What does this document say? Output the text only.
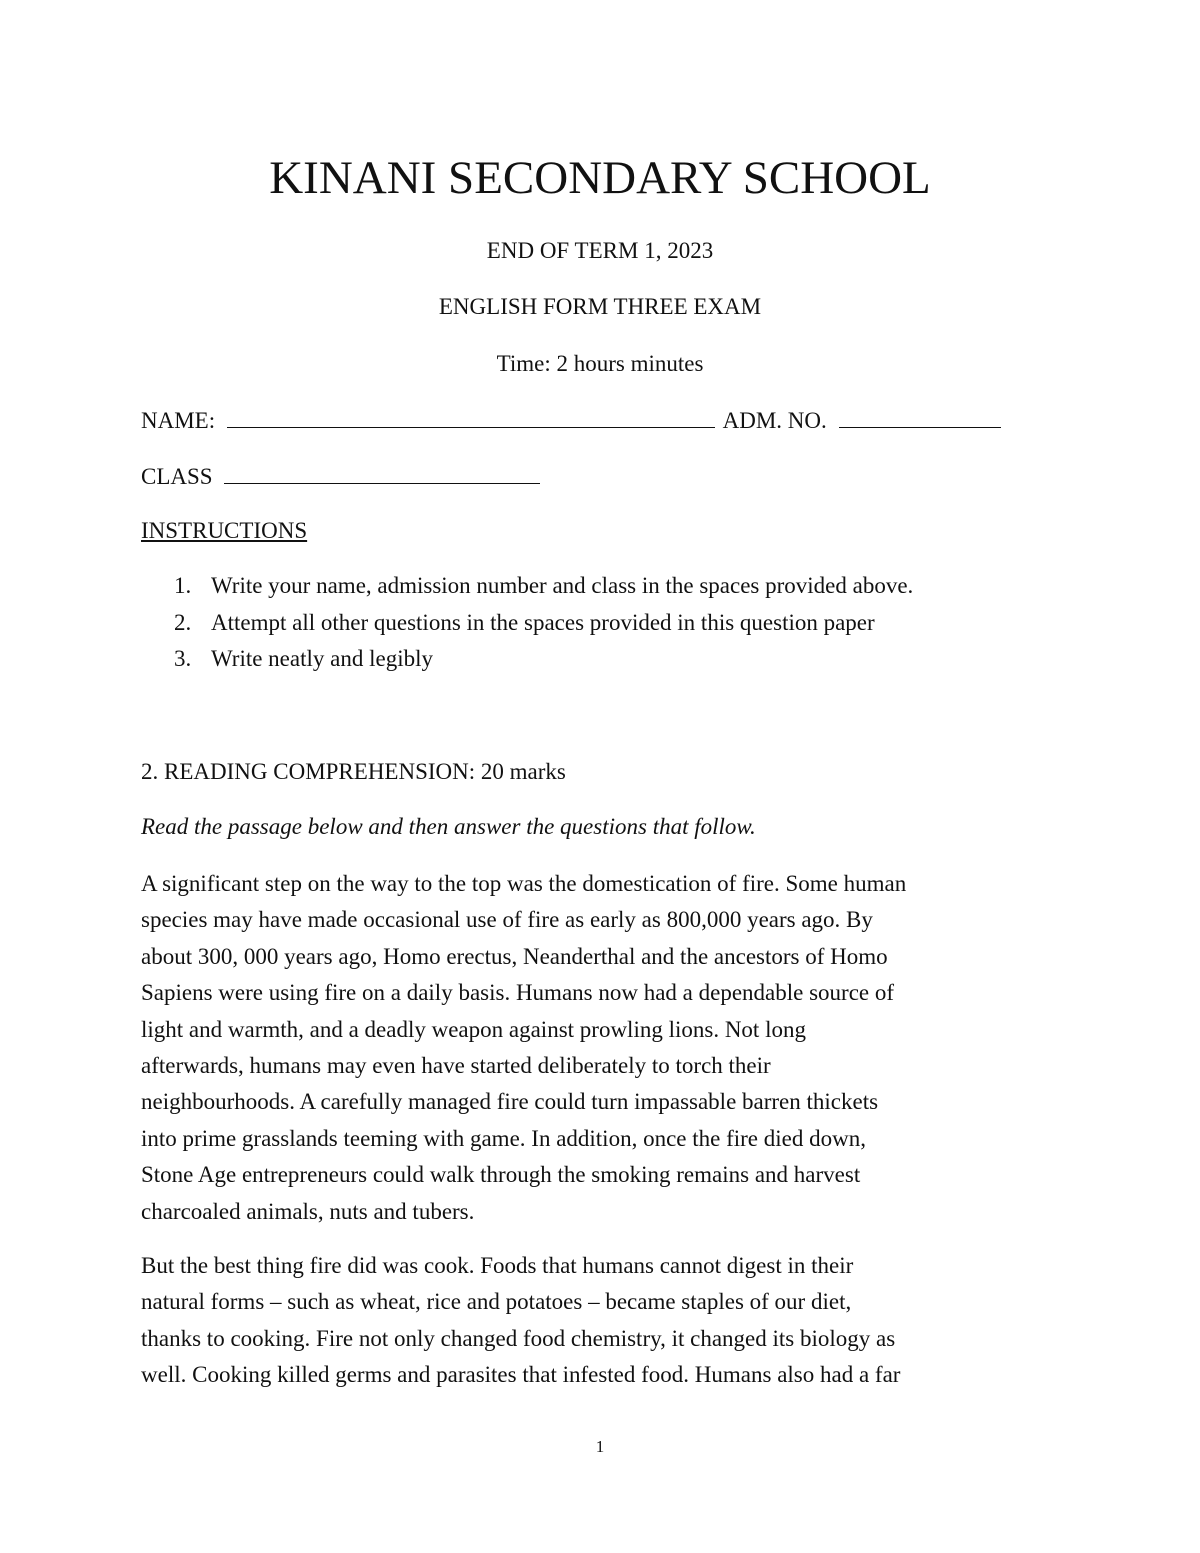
KINANI SECONDARY SCHOOL
END OF TERM 1, 2023
ENGLISH FORM THREE EXAM
Time: 2 hours minutes
NAME:	ADM. NO.
CLASS
INSTRUCTIONS
1. Write your name, admission number and class in the spaces provided above.
2. Attempt all other questions in the spaces provided in this question paper
3. Write neatly and legibly
2. READING COMPREHENSION: 20 marks
Read the passage below and then answer the questions that follow.
A significant step on the way to the top was the domestication of fire. Some human
species may have made occasional use of fire as early as 800,000 years ago. By
about 300, 000 years ago, Homo erectus, Neanderthal and the ancestors of Homo
Sapiens were using fire on a daily basis. Humans now had a dependable source of
light and warmth, and a deadly weapon against prowling lions. Not long
afterwards, humans may even have started deliberately to torch their
neighbourhoods. A carefully managed fire could turn impassable barren thickets
into prime grasslands teeming with game. In addition, once the fire died down,
Stone Age entrepreneurs could walk through the smoking remains and harvest
charcoaled animals, nuts and tubers.
But the best thing fire did was cook. Foods that humans cannot digest in their
natural forms – such as wheat, rice and potatoes – became staples of our diet,
thanks to cooking. Fire not only changed food chemistry, it changed its biology as
well. Cooking killed germs and parasites that infested food. Humans also had a far
1
